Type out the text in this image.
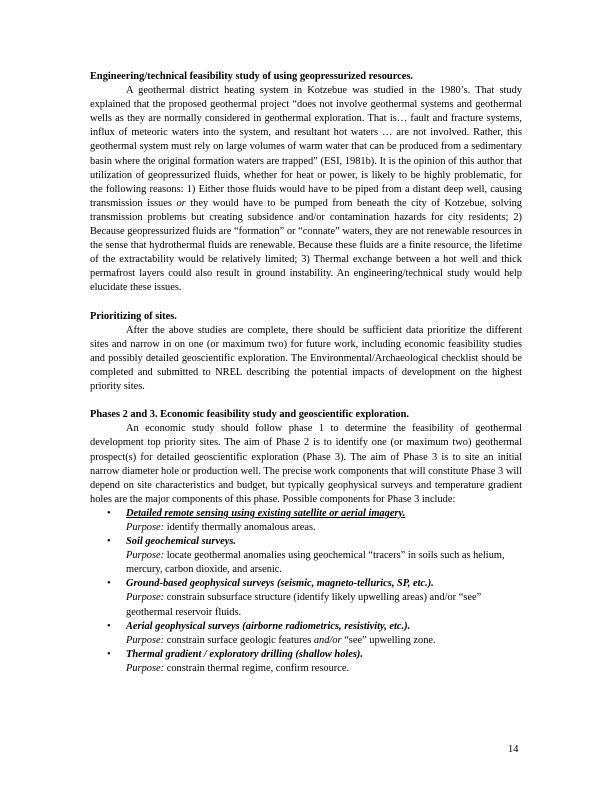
Engineering/technical feasibility study of using geopressurized resources.

A geothermal district heating system in Kotzebue was studied in the 1980’s. That study explained that the proposed geothermal project “does not involve geothermal systems and geothermal wells as they are normally considered in geothermal exploration. That is… fault and fracture systems, influx of meteoric waters into the system, and resultant hot waters … are not involved. Rather, this geothermal system must rely on large volumes of warm water that can be produced from a sedimentary basin where the original formation waters are trapped” (ESI, 1981b). It is the opinion of this author that utilization of geopressurized fluids, whether for heat or power, is likely to be highly problematic, for the following reasons: 1) Either those fluids would have to be piped from a distant deep well, causing transmission issues or they would have to be pumped from beneath the city of Kotzebue, solving transmission problems but creating subsidence and/or contamination hazards for city residents; 2) Because geopressurized fluids are “formation” or “connate” waters, they are not renewable resources in the sense that hydrothermal fluids are renewable. Because these fluids are a finite resource, the lifetime of the extractability would be relatively limited; 3) Thermal exchange between a hot well and thick permafrost layers could also result in ground instability. An engineering/technical study would help elucidate these issues.

Prioritizing of sites.

After the above studies are complete, there should be sufficient data prioritize the different sites and narrow in on one (or maximum two) for future work, including economic feasibility studies and possibly detailed geoscientific exploration. The Environmental/Archaeological checklist should be completed and submitted to NREL describing the potential impacts of development on the highest priority sites.

Phases 2 and 3. Economic feasibility study and geoscientific exploration.

An economic study should follow phase 1 to determine the feasibility of geothermal development top priority sites. The aim of Phase 2 is to identify one (or maximum two) geothermal prospect(s) for detailed geoscientific exploration (Phase 3). The aim of Phase 3 is to site an initial narrow diameter hole or production well. The precise work components that will constitute Phase 3 will depend on site characteristics and budget, but typically geophysical surveys and temperature gradient holes are the major components of this phase. Possible components for Phase 3 include:

• Detailed remote sensing using existing satellite or aerial imagery.
Purpose: identify thermally anomalous areas.
• Soil geochemical surveys.
Purpose: locate geothermal anomalies using geochemical “tracers” in soils such as helium, mercury, carbon dioxide, and arsenic.
• Ground-based geophysical surveys (seismic, magneto-tellurics, SP, etc.).
Purpose: constrain subsurface structure (identify likely upwelling areas) and/or “see” geothermal reservoir fluids.
• Aerial geophysical surveys (airborne radiometrics, resistivity, etc.).
Purpose: constrain surface geologic features and/or “see” upwelling zone.
• Thermal gradient / exploratory drilling (shallow holes).
Purpose: constrain thermal regime, confirm resource.
14
